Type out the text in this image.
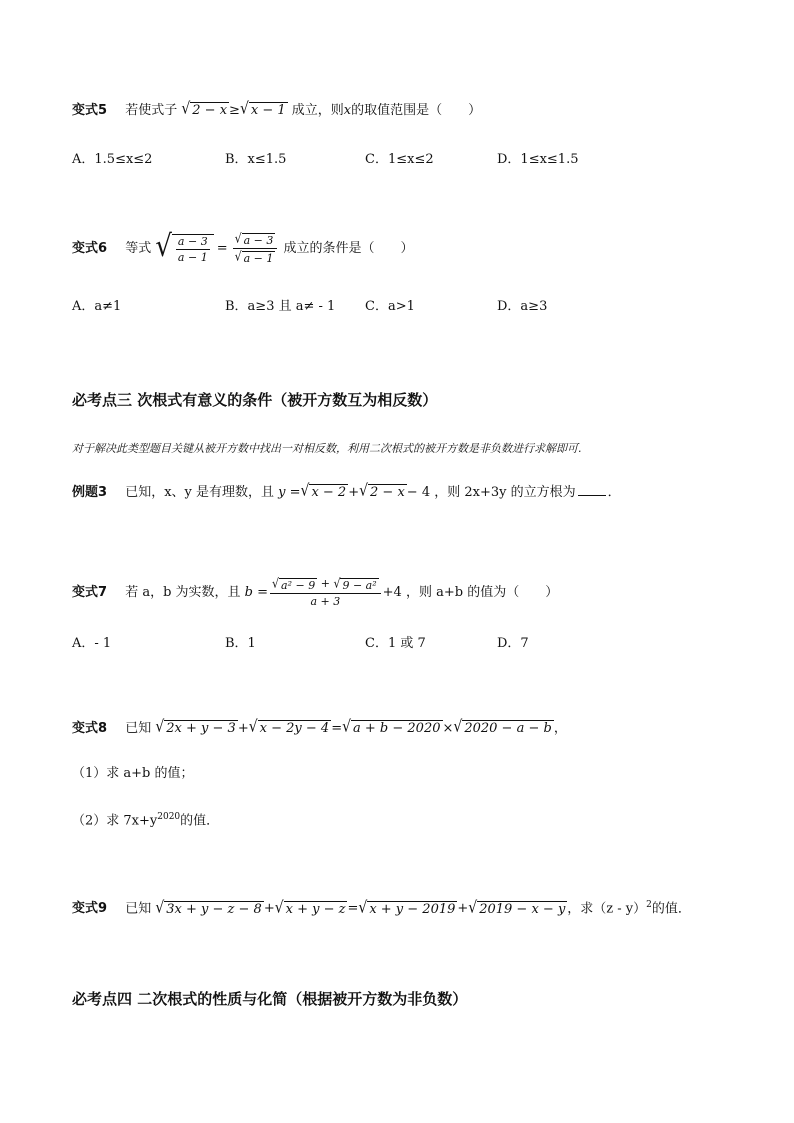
变式5 若使式子 √ 2 − x ≥ √ x − 1 成立，则x的取值范围是（　　）
A．1.5≤x≤2	B．x≤1.5	C．1≤x≤2	D．1≤x≤1.5
变式6 等式 √ $\frac{a - 3}{a - 1} = \frac{√ a - 3}{√ a - 1}$ 成立的条件是（　　）
A．a≠1	B．a≥3 且 a≠ - 1 C．a>1	D．a≥3
必考点三 次根式有意义的条件（被开方数互为相反数）
对于解决此类型题目关键从被开方数中找出一对相反数，利用二次根式的被开方数是非负数进行求解即可.
例题3 已知，x、y 是有理数，且 y = √ x − 2 + √ 2 − x − 4 ，则 2x+3y 的立方根为 ．
变式7 若 a，b 为实数，且 $b = \frac{\text{√ a² − 9 + √ 9 − a²}}{a + 3} +4$ ，则 a+b 的值为（　　）
A．- 1	B．1	C．1 或 7	D．7
变式8 已知 √ 2x + y − 3 + √ x − 2y − 4 = √ a + b − 2020 × √ 2020 − a − b ，
（1）求 a+b 的值；
（2）求 $7x+y^{2020}$的值．
变式9 已知 √ 3x + y − z − 8 + √ x + y − z = √ x + y − 2019 + √ 2019 − x − y ，求（z - y）$^2$的值．
必考点四 二次根式的性质与化简（根据被开方数为非负数）
